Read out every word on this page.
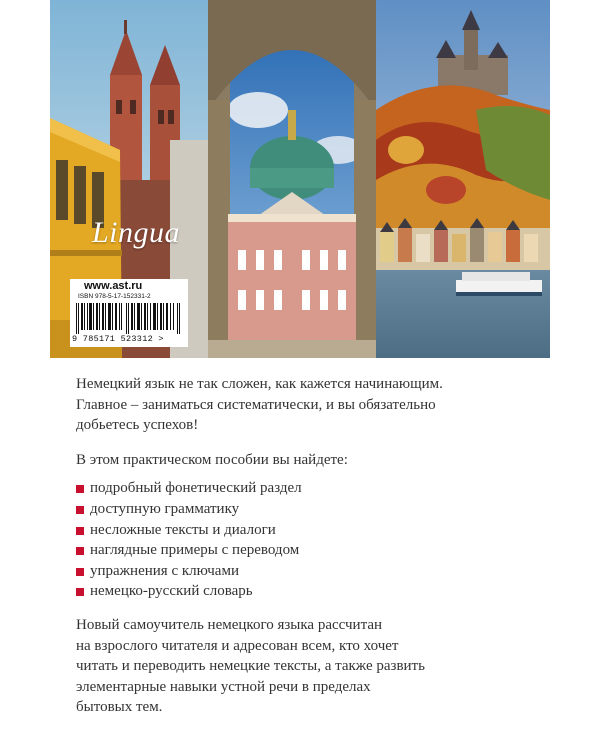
Lingua
www.ast.ru
ISBN 978-5-17-152331-2
9 785171 523312 >

Немецкий язык не так сложен, как кажется начинающим.
Главное – заниматься систематически, и вы обязательно
добьетесь успехов!

В этом практическом пособии вы найдете:

подробный фонетический раздел
доступную грамматику
несложные тексты и диалоги
наглядные примеры с переводом
упражнения с ключами
немецко-русский словарь

Новый самоучитель немецкого языка рассчитан
на взрослого читателя и адресован всем, кто хочет
читать и переводить немецкие тексты, а также развить
элементарные навыки устной речи в пределах
бытовых тем.
